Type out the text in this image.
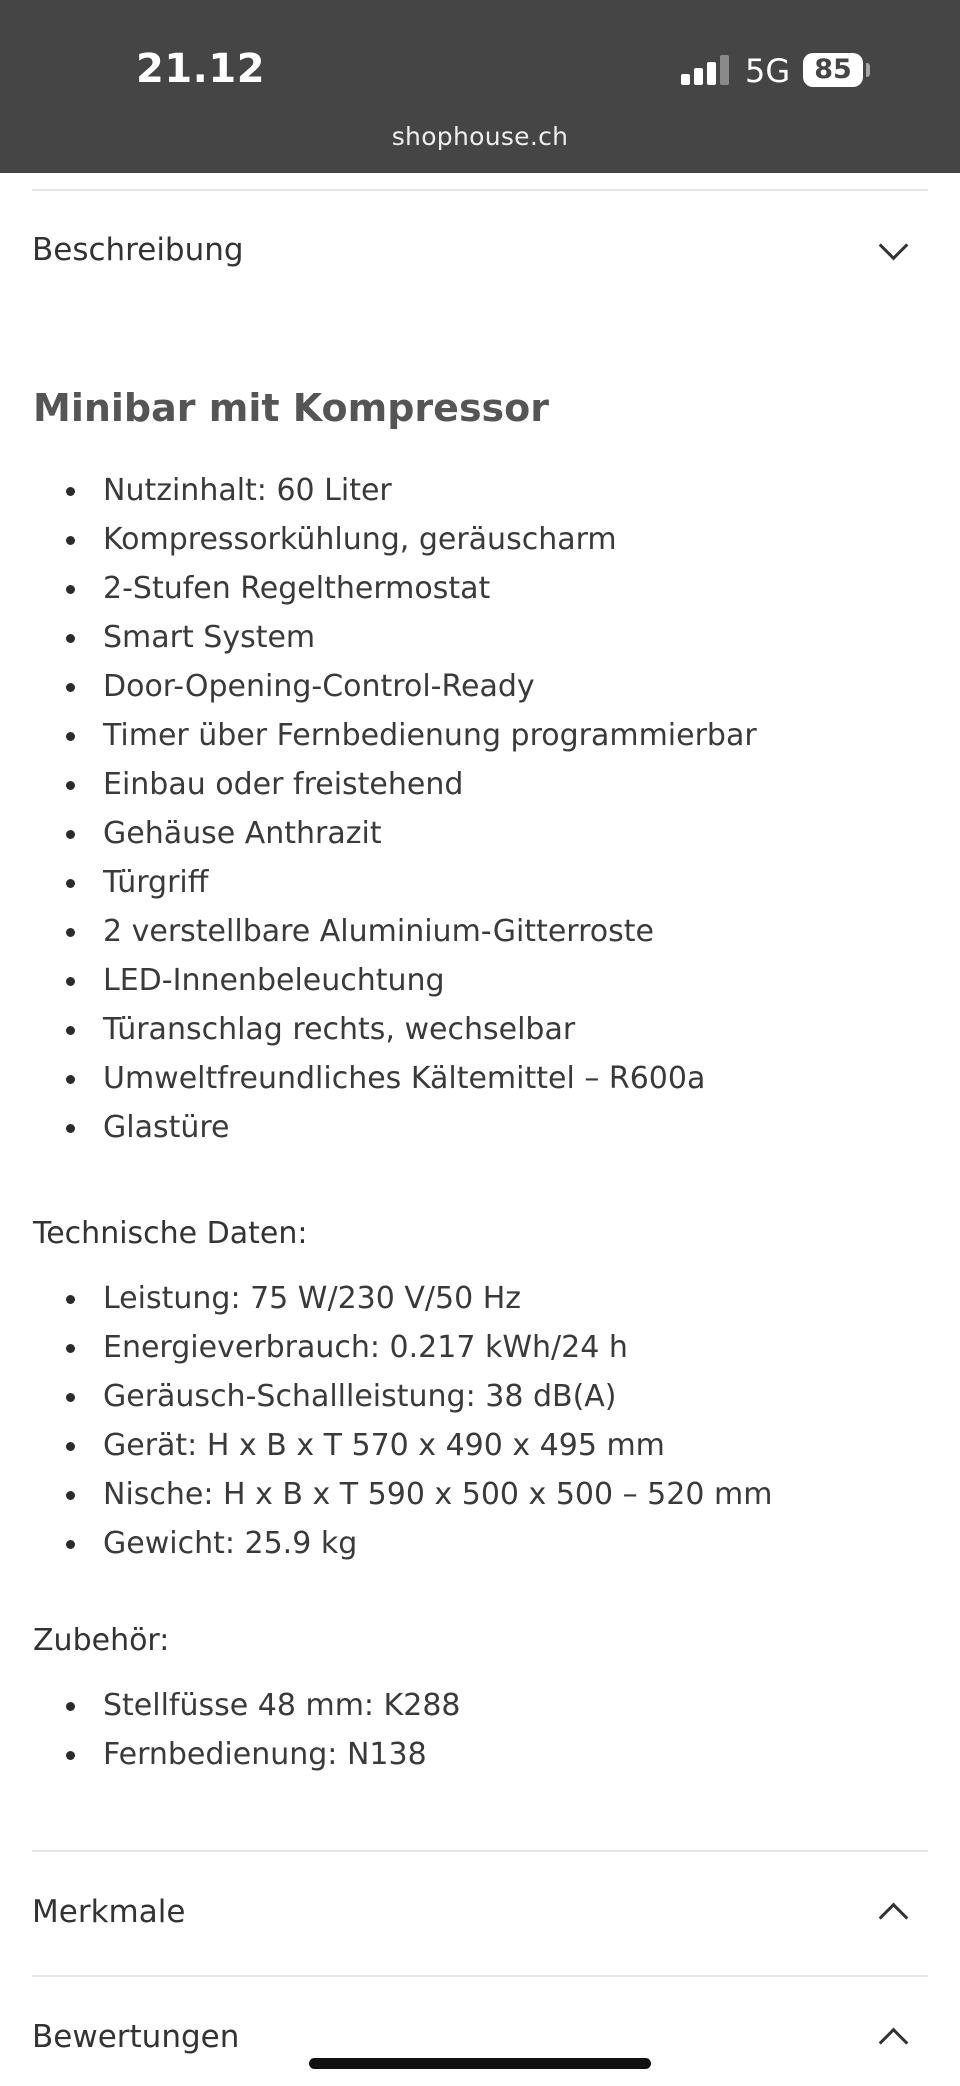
21.12	5G 85
shophouse.ch
Beschreibung
Minibar mit Kompressor
Nutzinhalt: 60 Liter
Kompressorkühlung, geräuscharm
2-Stufen Regelthermostat
Smart System
Door-Opening-Control-Ready
Timer über Fernbedienung programmierbar
Einbau oder freistehend
Gehäuse Anthrazit
Türgriff
2 verstellbare Aluminium-Gitterroste
LED-Innenbeleuchtung
Türanschlag rechts, wechselbar
Umweltfreundliches Kältemittel – R600a
Glastüre
Technische Daten:
Leistung: 75 W/230 V/50 Hz
Energieverbrauch: 0.217 kWh/24 h
Geräusch-Schallleistung: 38 dB(A)
Gerät: H x B x T 570 x 490 x 495 mm
Nische: H x B x T 590 x 500 x 500 – 520 mm
Gewicht: 25.9 kg
Zubehör:
Stellfüsse 48 mm: K288
Fernbedienung: N138
Merkmale
Bewertungen
